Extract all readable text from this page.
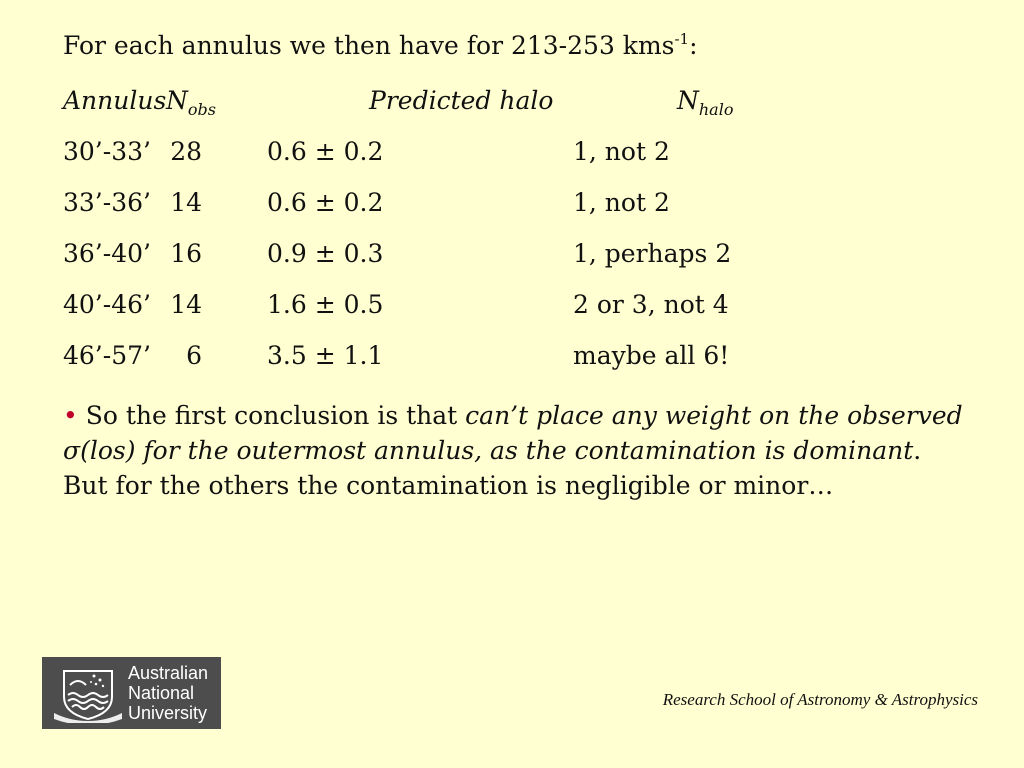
For each annulus we then have for 213-253 kms$^{-1}$:
Annulus $N_{obs}$	Predicted halo	$N_{halo}$
30’-33’ 28	0.6 ± 0.2	1, not 2
33’-36’ 14	0.6 ± 0.2	1, not 2
36’-40’ 16	0.9 ± 0.3	1, perhaps 2
40’-46’ 14	1.6 ± 0.5	2 or 3, not 4
46’-57’	6	3.5 ± 1.1	maybe all 6!
• So the first conclusion is that can’t place any weight on the observed σ(los) for the outermost annulus, as the contamination is dominant. But for the others the contamination is negligible or minor…
Australian
National
University
Research School of Astronomy & Astrophysics
